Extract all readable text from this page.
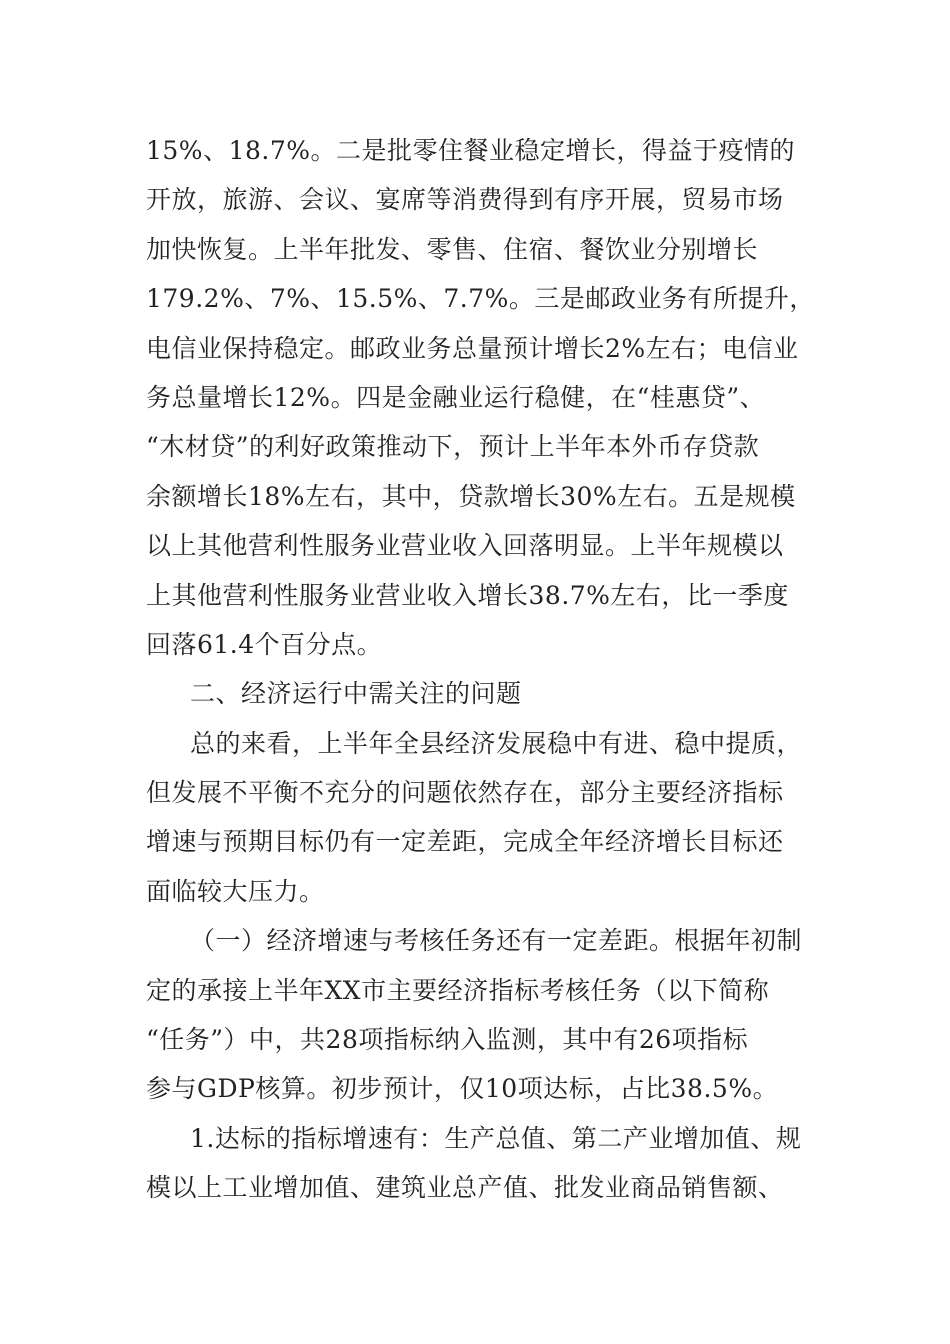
15%、18.7%。二是批零住餐业稳定增长，得益于疫情的
开放，旅游、会议、宴席等消费得到有序开展，贸易市场
加快恢复。上半年批发、零售、住宿、餐饮业分别增长
179.2%、7%、15.5%、7.7%。三是邮政业务有所提升，
电信业保持稳定。邮政业务总量预计增长2%左右；电信业
务总量增长12%。四是金融业运行稳健，在“桂惠贷”、
“木材贷”的利好政策推动下，预计上半年本外币存贷款
余额增长18%左右，其中，贷款增长30%左右。五是规模
以上其他营利性服务业营业收入回落明显。上半年规模以
上其他营利性服务业营业收入增长38.7%左右，比一季度
回落61.4个百分点。
二、经济运行中需关注的问题
总的来看，上半年全县经济发展稳中有进、稳中提质，
但发展不平衡不充分的问题依然存在，部分主要经济指标
增速与预期目标仍有一定差距，完成全年经济增长目标还
面临较大压力。
（一）经济增速与考核任务还有一定差距。根据年初制
定的承接上半年XX市主要经济指标考核任务（以下简称
“任务”）中，共28项指标纳入监测，其中有26项指标
参与GDP核算。初步预计，仅10项达标，占比38.5%。
1.达标的指标增速有：生产总值、第二产业增加值、规
模以上工业增加值、建筑业总产值、批发业商品销售额、
